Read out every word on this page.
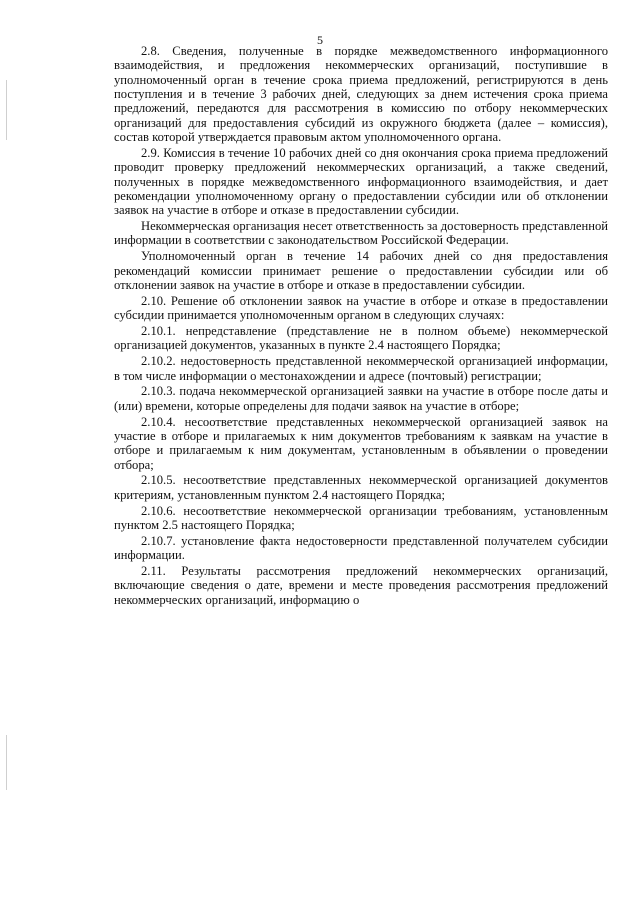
5

2.8. Сведения, полученные в порядке межведомственного информационного взаимодействия, и предложения некоммерческих организаций, поступившие в уполномоченный орган в течение срока приема предложений, регистрируются в день поступления и в течение 3 рабочих дней, следующих за днем истечения срока приема предложений, передаются для рассмотрения в комиссию по отбору некоммерческих организаций для предоставления субсидий из окружного бюджета (далее – комиссия), состав которой утверждается правовым актом уполномоченного органа.

2.9. Комиссия в течение 10 рабочих дней со дня окончания срока приема предложений проводит проверку предложений некоммерческих организаций, а также сведений, полученных в порядке межведомственного информационного взаимодействия, и дает рекомендации уполномоченному органу о предоставлении субсидии или об отклонении заявок на участие в отборе и отказе в предоставлении субсидии.

Некоммерческая организация несет ответственность за достоверность представленной информации в соответствии с законодательством Российской Федерации.

Уполномоченный орган в течение 14 рабочих дней со дня предоставления рекомендаций комиссии принимает решение о предоставлении субсидии или об отклонении заявок на участие в отборе и отказе в предоставлении субсидии.

2.10. Решение об отклонении заявок на участие в отборе и отказе в предоставлении субсидии принимается уполномоченным органом в следующих случаях:

2.10.1. непредставление (представление не в полном объеме) некоммерческой организацией документов, указанных в пункте 2.4 настоящего Порядка;

2.10.2. недостоверность представленной некоммерческой организацией информации, в том числе информации о местонахождении и адресе (почтовый) регистрации;

2.10.3. подача некоммерческой организацией заявки на участие в отборе после даты и (или) времени, которые определены для подачи заявок на участие в отборе;

2.10.4. несоответствие представленных некоммерческой организацией заявок на участие в отборе и прилагаемых к ним документов требованиям к заявкам на участие в отборе и прилагаемым к ним документам, установленным в объявлении о проведении отбора;

2.10.5. несоответствие представленных некоммерческой организацией документов критериям, установленным пунктом 2.4 настоящего Порядка;

2.10.6. несоответствие некоммерческой организации требованиям, установленным пунктом 2.5 настоящего Порядка;

2.10.7. установление факта недостоверности представленной получателем субсидии информации.

2.11. Результаты рассмотрения предложений некоммерческих организаций, включающие сведения о дате, времени и месте проведения рассмотрения предложений некоммерческих организаций, информацию о
